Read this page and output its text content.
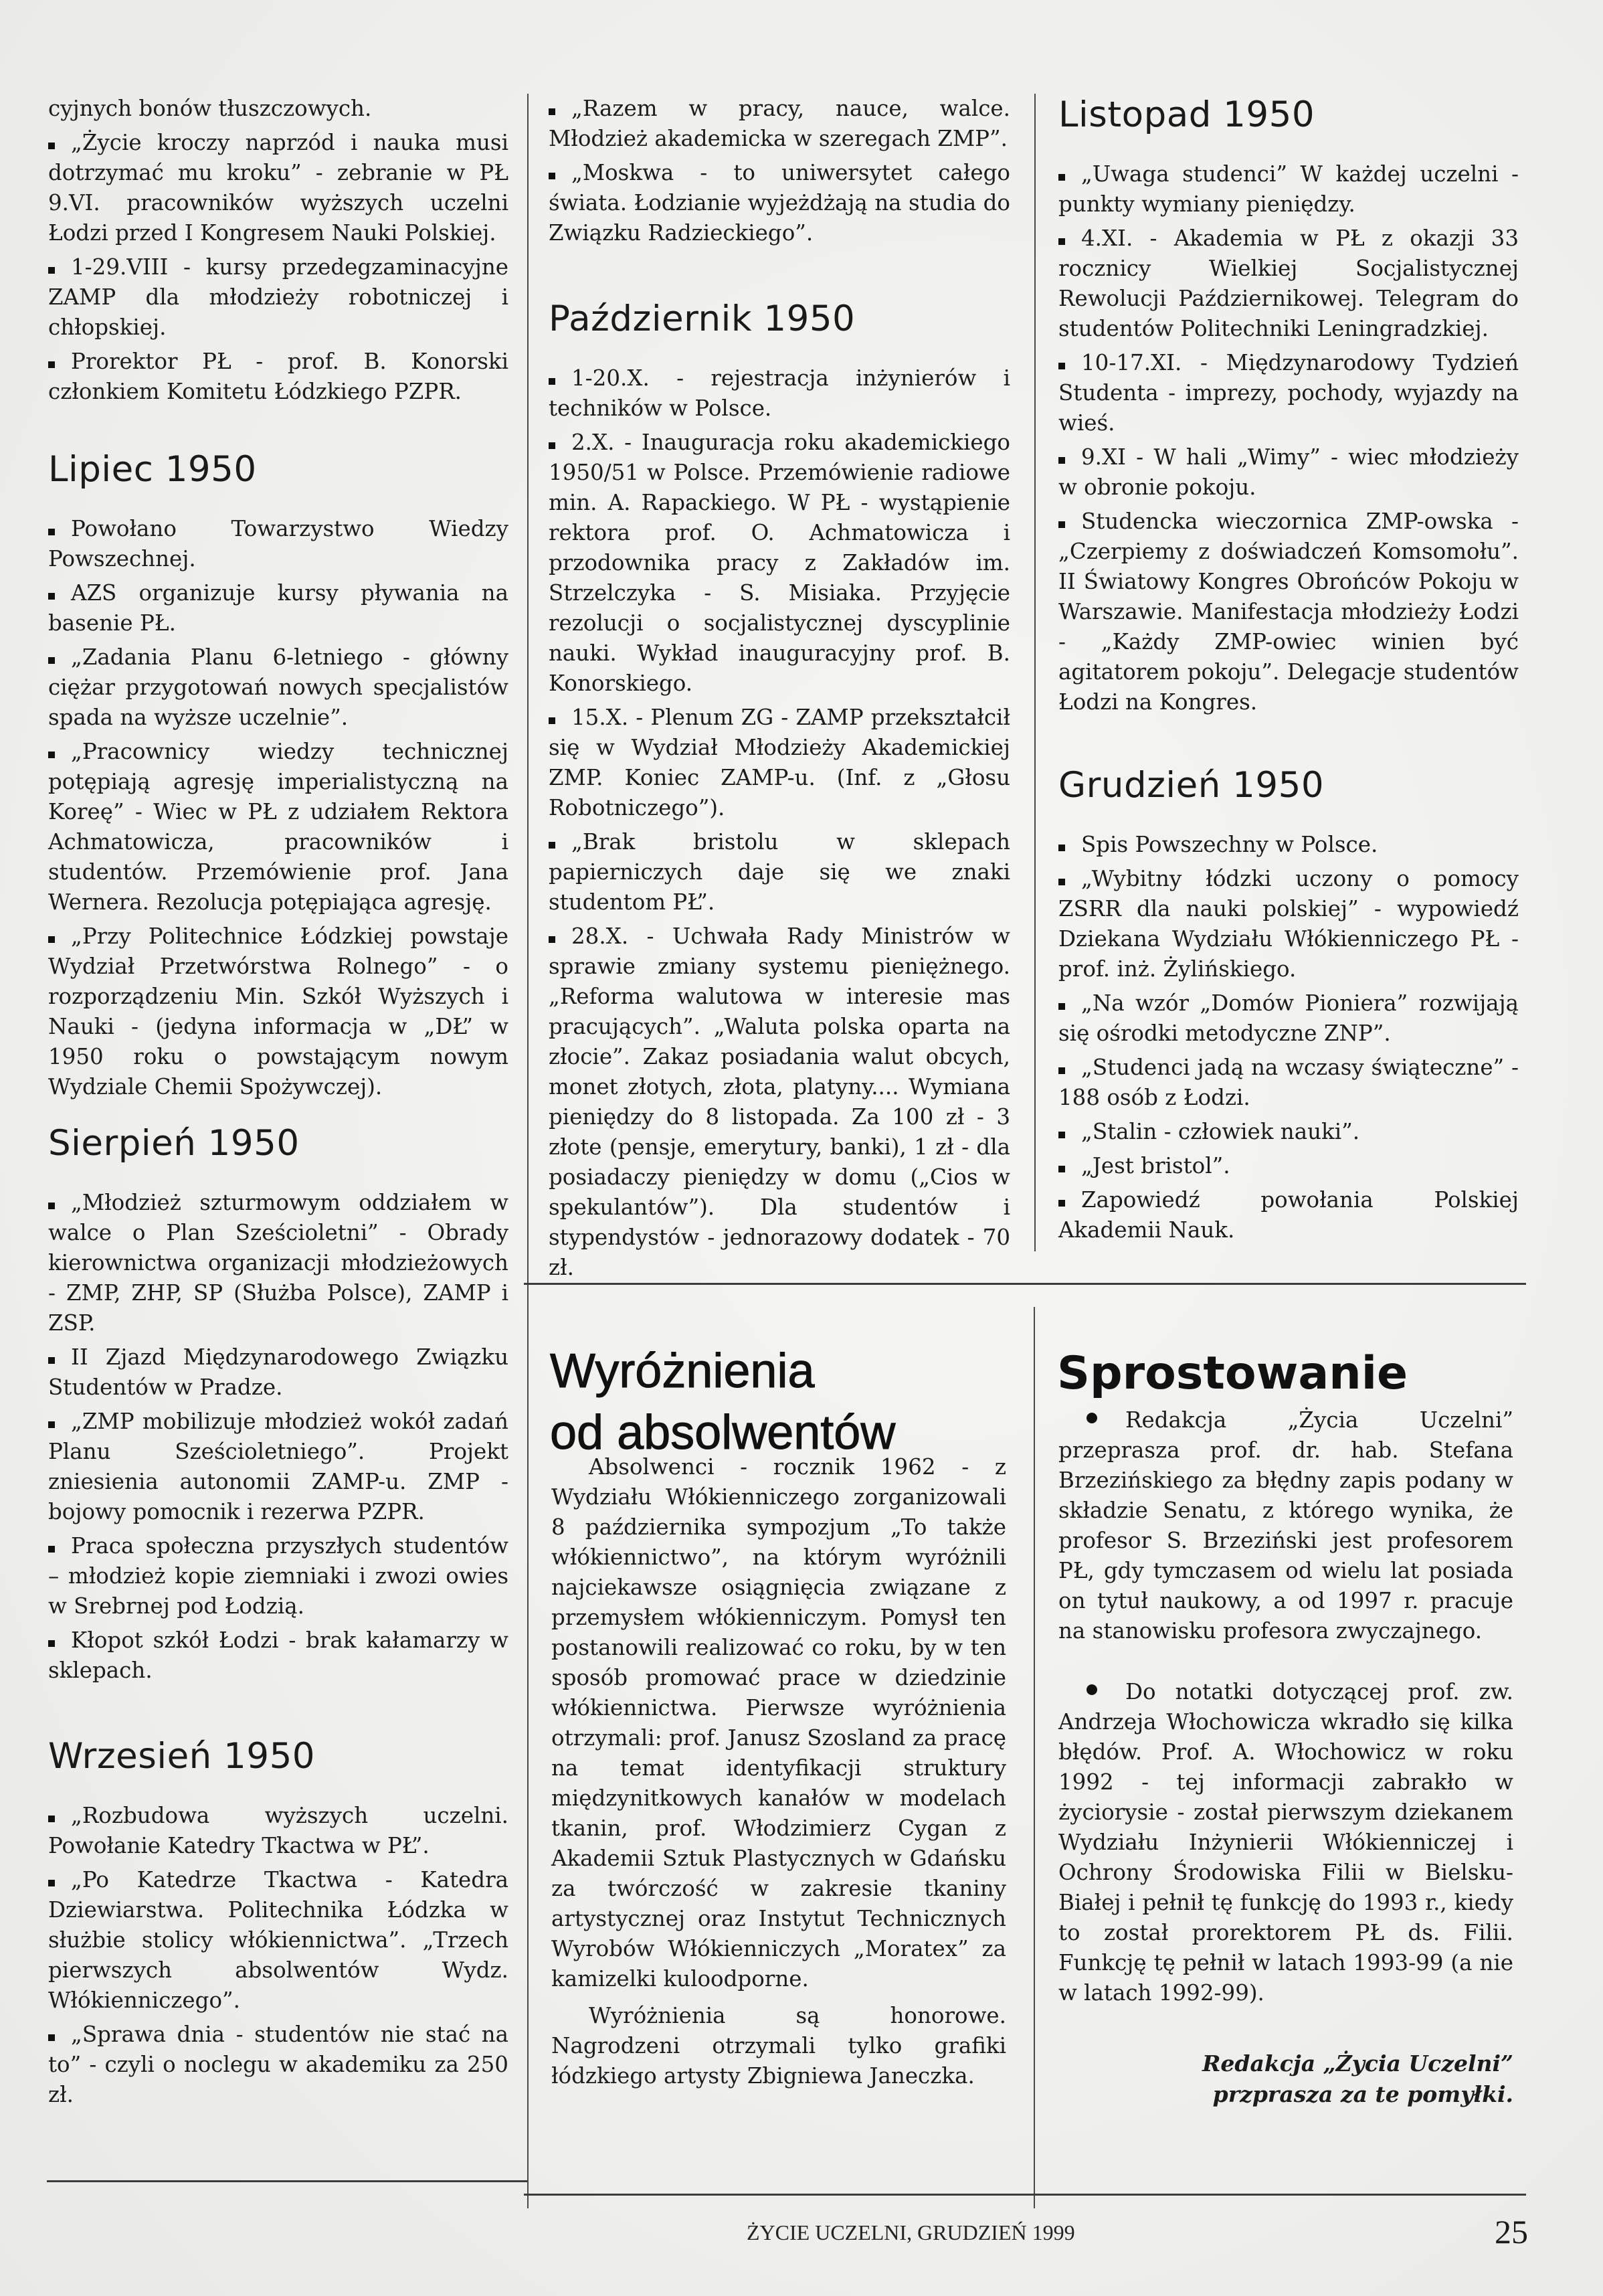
cyjnych bonów tłuszczowych.
„Życie kroczy naprzód i nauka musi dotrzymać mu kroku” - zebranie w PŁ 9.VI. pracowników wyższych uczelni Łodzi przed I Kongresem Nauki Polskiej.
1-29.VIII - kursy przedegzaminacyjne ZAMP dla młodzieży robotniczej i chłopskiej.
Prorektor PŁ - prof. B. Konorski członkiem Komitetu Łódzkiego PZPR.
Lipiec 1950
Powołano Towarzystwo Wiedzy Powszechnej.
AZS organizuje kursy pływania na basenie PŁ.
„Zadania Planu 6-letniego - główny ciężar przygotowań nowych specjalistów spada na wyższe uczelnie”.
„Pracownicy wiedzy technicznej potępiają agresję imperialistyczną na Koreę” - Wiec w PŁ z udziałem Rektora Achmatowicza, pracowników i studentów. Przemówienie prof. Jana Wernera. Rezolucja potępiająca agresję.
„Przy Politechnice Łódzkiej powstaje Wydział Przetwórstwa Rolnego” - o rozporządzeniu Min. Szkół Wyższych i Nauki - (jedyna informacja w „DŁ” w 1950 roku o powstającym nowym Wydziale Chemii Spożywczej).
Sierpień 1950
„Młodzież szturmowym oddziałem w walce o Plan Sześcioletni” - Obrady kierownictwa organizacji młodzieżowych - ZMP, ZHP, SP (Służba Polsce), ZAMP i ZSP.
II Zjazd Międzynarodowego Związku Studentów w Pradze.
„ZMP mobilizuje młodzież wokół zadań Planu Sześcioletniego”. Projekt zniesienia autonomii ZAMP-u. ZMP - bojowy pomocnik i rezerwa PZPR.
Praca społeczna przyszłych studentów – młodzież kopie ziemniaki i zwozi owies w Srebrnej pod Łodzią.
Kłopot szkół Łodzi - brak kałamarzy w sklepach.
Wrzesień 1950
„Rozbudowa wyższych uczelni. Powołanie Katedry Tkactwa w PŁ”.
„Po Katedrze Tkactwa - Katedra Dziewiarstwa. Politechnika Łódzka w służbie stolicy włókiennictwa”. „Trzech pierwszych absolwentów Wydz. Włókienniczego”.
„Sprawa dnia - studentów nie stać na to” - czyli o noclegu w akademiku za 250 zł.
„Razem w pracy, nauce, walce. Młodzież akademicka w szeregach ZMP”.
„Moskwa - to uniwersytet całego świata. Łodzianie wyjeżdżają na studia do Związku Radzieckiego”.
Październik 1950
1-20.X. - rejestracja inżynierów i techników w Polsce.
2.X. - Inauguracja roku akademickiego 1950/51 w Polsce. Przemówienie radiowe min. A. Rapackiego. W PŁ - wystąpienie rektora prof. O. Achmatowicza i przodownika pracy z Zakładów im. Strzelczyka - S. Misiaka. Przyjęcie rezolucji o socjalistycznej dyscyplinie nauki. Wykład inauguracyjny prof. B. Konorskiego.
15.X. - Plenum ZG - ZAMP przekształcił się w Wydział Młodzieży Akademickiej ZMP. Koniec ZAMP-u. (Inf. z „Głosu Robotniczego”).
„Brak bristolu w sklepach papierniczych daje się we znaki studentom PŁ”.
28.X. - Uchwała Rady Ministrów w sprawie zmiany systemu pieniężnego. „Reforma walutowa w interesie mas pracujących”. „Waluta polska oparta na złocie”. Zakaz posiadania walut obcych, monet złotych, złota, platyny.... Wymiana pieniędzy do 8 listopada. Za 100 zł - 3 złote (pensje, emerytury, banki), 1 zł - dla posiadaczy pieniędzy w domu („Cios w spekulantów”). Dla studentów i stypendystów - jednorazowy dodatek - 70 zł.
Listopad 1950
„Uwaga studenci” W każdej uczelni - punkty wymiany pieniędzy.
4.XI. - Akademia w PŁ z okazji 33 rocznicy Wielkiej Socjalistycznej Rewolucji Październikowej. Telegram do studentów Politechniki Leningradzkiej.
10-17.XI. - Międzynarodowy Tydzień Studenta - imprezy, pochody, wyjazdy na wieś.
9.XI - W hali „Wimy” - wiec młodzieży w obronie pokoju.
Studencka wieczornica ZMP-owska - „Czerpiemy z doświadczeń Komsomołu”. II Światowy Kongres Obrońców Pokoju w Warszawie. Manifestacja młodzieży Łodzi - „Każdy ZMP-owiec winien być agitatorem pokoju”. Delegacje studentów Łodzi na Kongres.
Grudzień 1950
Spis Powszechny w Polsce.
„Wybitny łódzki uczony o pomocy ZSRR dla nauki polskiej” - wypowiedź Dziekana Wydziału Włókienniczego PŁ - prof. inż. Żylińskiego.
„Na wzór „Domów Pioniera” rozwijają się ośrodki metodyczne ZNP”.
„Studenci jadą na wczasy świąteczne” - 188 osób z Łodzi.
„Stalin - człowiek nauki”.
„Jest bristol”.
Zapowiedź powołania Polskiej Akademii Nauk.
Wyróżnienia
od absolwentów

Absolwenci - rocznik 1962 - z Wydziału Włókienniczego zorganizowali 8 października sympozjum „To także włókiennictwo”, na którym wyróżnili najciekawsze osiągnięcia związane z przemysłem włókienniczym. Pomysł ten postanowili realizować co roku, by w ten sposób promować prace w dziedzinie włókiennictwa. Pierwsze wyróżnienia otrzymali: prof. Janusz Szosland za pracę na temat identyfikacji struktury międzynitkowych kanałów w modelach tkanin, prof. Włodzimierz Cygan z Akademii Sztuk Plastycznych w Gdańsku za twórczość w zakresie tkaniny artystycznej oraz Instytut Technicznych Wyrobów Włókienniczych „Moratex” za kamizelki kuloodporne.

Wyróżnienia są honorowe. Nagrodzeni otrzymali tylko grafiki łódzkiego artysty Zbigniewa Janeczka.

Sprostowanie

Redakcja „Życia Uczelni” przeprasza prof. dr. hab. Stefana Brzezińskiego za błędny zapis podany w składzie Senatu, z którego wynika, że profesor S. Brzeziński jest profesorem PŁ, gdy tymczasem od wielu lat posiada on tytuł naukowy, a od 1997 r. pracuje na stanowisku profesora zwyczajnego.

Do notatki dotyczącej prof. zw. Andrzeja Włochowicza wkradło się kilka błędów. Prof. A. Włochowicz w roku 1992 - tej informacji zabrakło w życiorysie - został pierwszym dziekanem Wydziału Inżynierii Włókienniczej i Ochrony Środowiska Filii w Bielsku-Białej i pełnił tę funkcję do 1993 r., kiedy to został prorektorem PŁ ds. Filii. Funkcję tę pełnił w latach 1993-99 (a nie w latach 1992-99).

Redakcja „Życia Uczelni”
przprasza za te pomyłki.
ŻYCIE UCZELNI, GRUDZIEŃ 1999	25
